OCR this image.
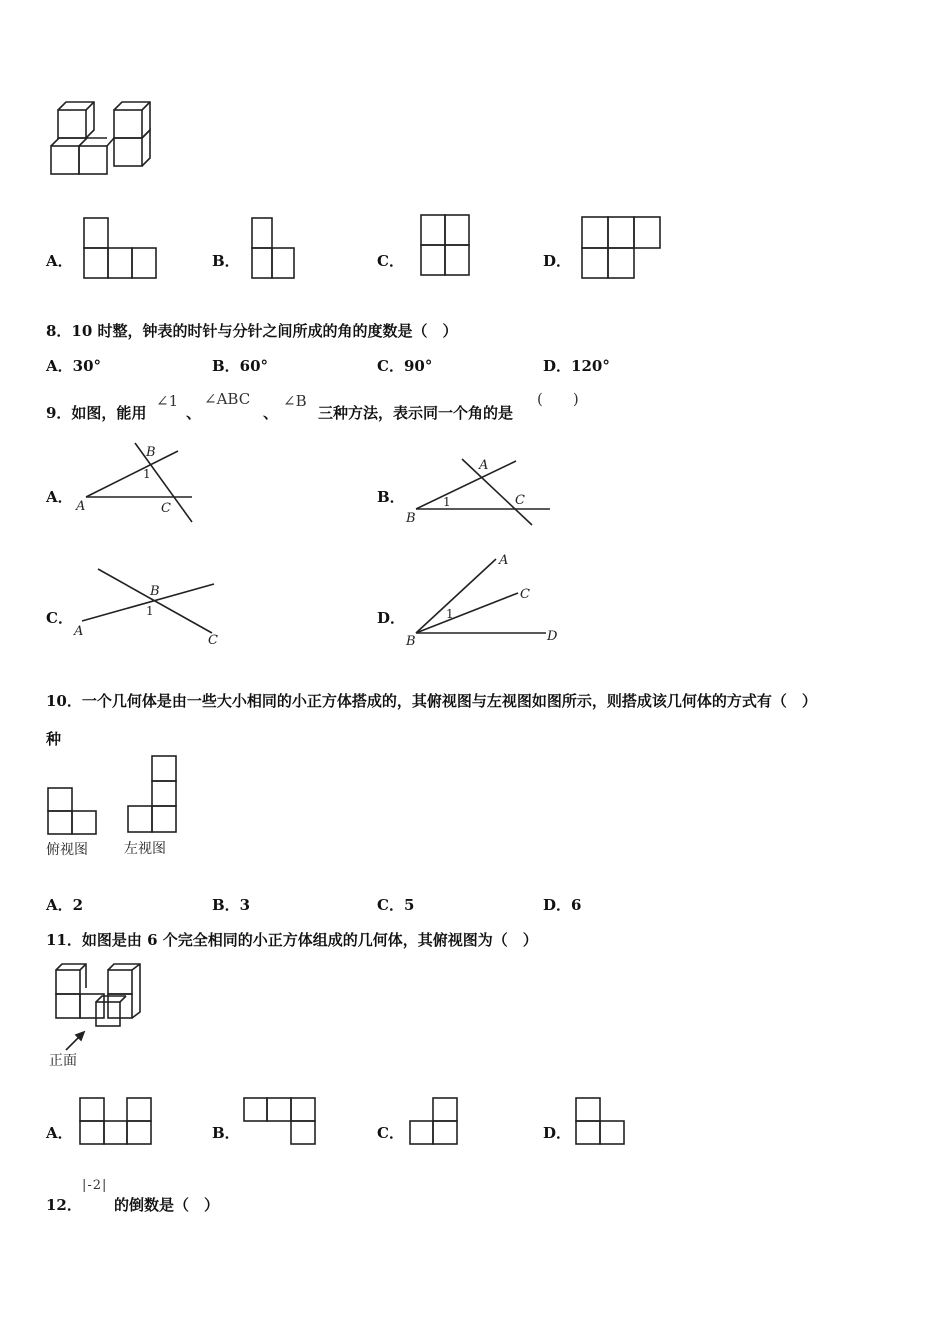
A．	B．	C．	D．
8．10 时整，钟表的时针与分针之间所成的角的度数是（　）
A．30°	B．60°	C．90°	D．120°
9．如图，能用
∠1
、
∠ABC
、
∠B
三种方法，表示同一个角的是
(　　)
A．
A
B
C
1
B．
B
A
C
1
C．
A
B
C
1	D．
B
A
C
D
1
10．一个几何体是由一些大小相同的小正方体搭成的，其俯视图与左视图如图所示，则搭成该几何体的方式有（　）
种
俯视图	左视图
A．2	B．3	C．5	D．6
11．如图是由 6 个完全相同的小正方体组成的几何体，其俯视图为（　）
正面
A．	B．	C．	D．
12．
|-2|
的倒数是（　）
